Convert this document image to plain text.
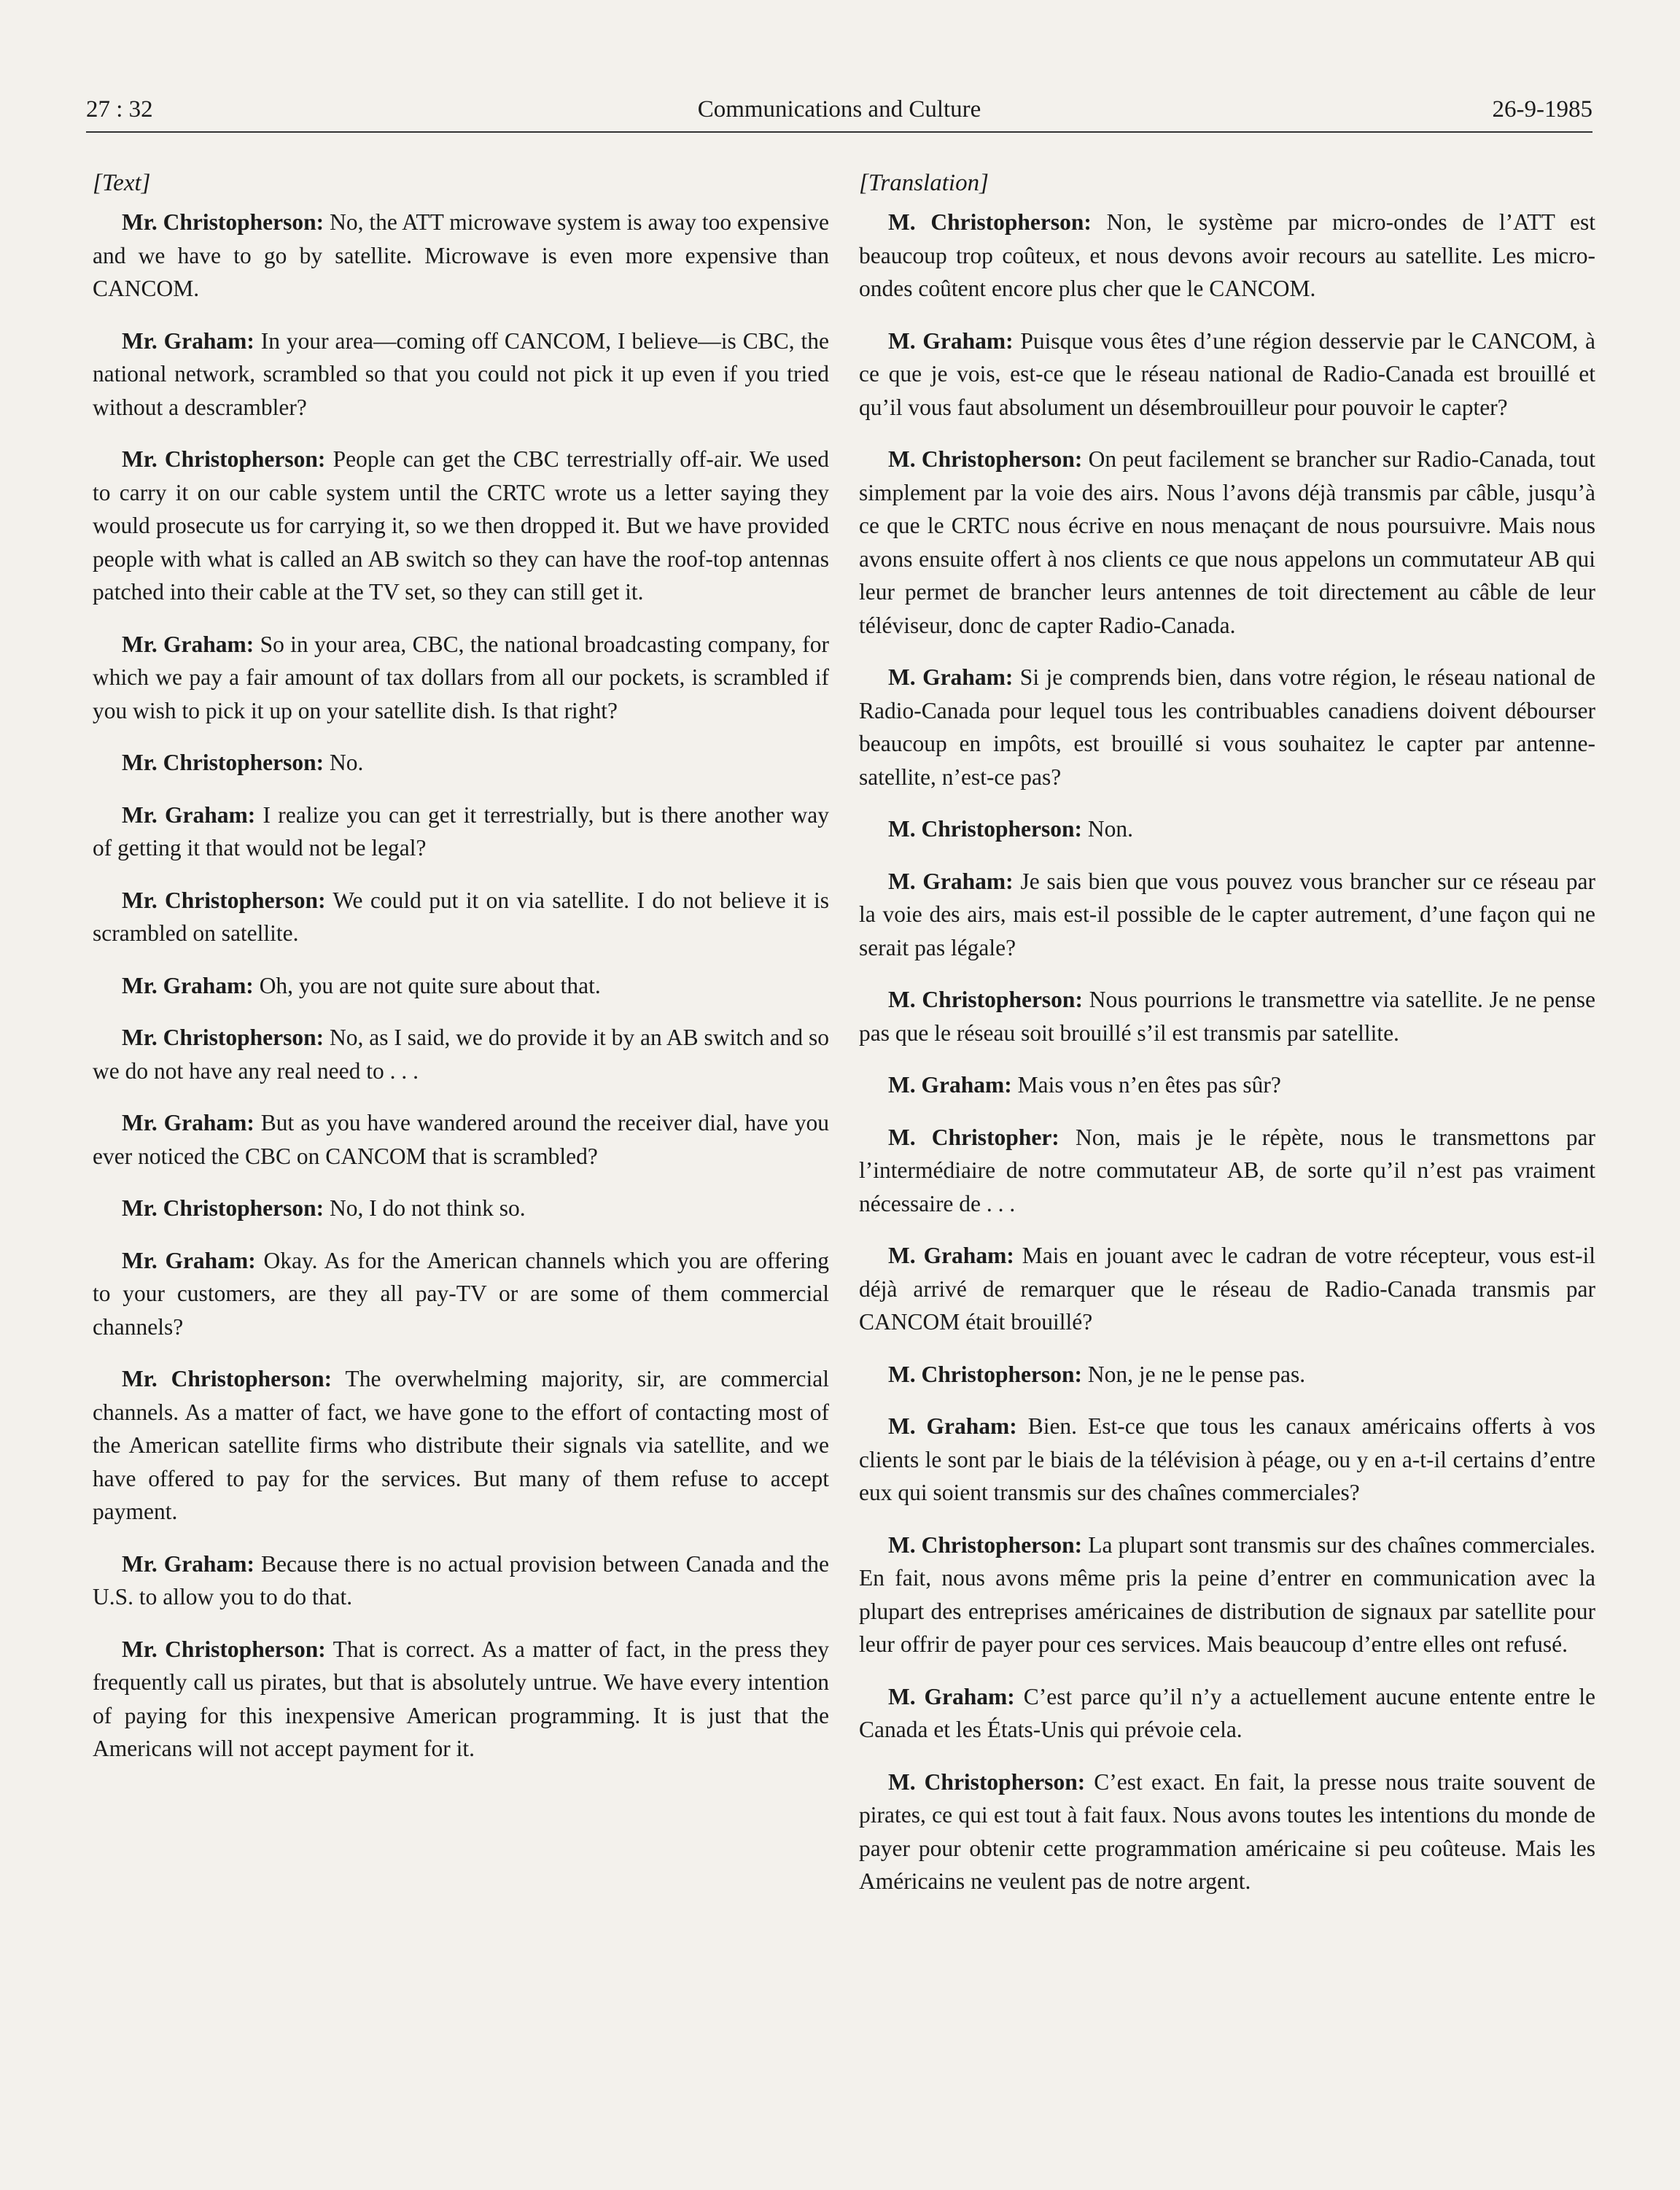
27 : 32	Communications and Culture	26-9-1985
[Text]

Mr. Christopherson: No, the ATT microwave system is away too expensive and we have to go by satellite. Microwave is even more expensive than CANCOM.

Mr. Graham: In your area—coming off CANCOM, I believe—is CBC, the national network, scrambled so that you could not pick it up even if you tried without a descrambler?

Mr. Christopherson: People can get the CBC terrestrially off-air. We used to carry it on our cable system until the CRTC wrote us a letter saying they would prosecute us for carrying it, so we then dropped it. But we have provided people with what is called an AB switch so they can have the roof-top antennas patched into their cable at the TV set, so they can still get it.

Mr. Graham: So in your area, CBC, the national broadcasting company, for which we pay a fair amount of tax dollars from all our pockets, is scrambled if you wish to pick it up on your satellite dish. Is that right?

Mr. Christopherson: No.

Mr. Graham: I realize you can get it terrestrially, but is there another way of getting it that would not be legal?

Mr. Christopherson: We could put it on via satellite. I do not believe it is scrambled on satellite.

Mr. Graham: Oh, you are not quite sure about that.

Mr. Christopherson: No, as I said, we do provide it by an AB switch and so we do not have any real need to . . .

Mr. Graham: But as you have wandered around the receiver dial, have you ever noticed the CBC on CANCOM that is scrambled?

Mr. Christopherson: No, I do not think so.

Mr. Graham: Okay. As for the American channels which you are offering to your customers, are they all pay-TV or are some of them commercial channels?

Mr. Christopherson: The overwhelming majority, sir, are commercial channels. As a matter of fact, we have gone to the effort of contacting most of the American satellite firms who distribute their signals via satellite, and we have offered to pay for the services. But many of them refuse to accept payment.

Mr. Graham: Because there is no actual provision between Canada and the U.S. to allow you to do that.

Mr. Christopherson: That is correct. As a matter of fact, in the press they frequently call us pirates, but that is absolutely untrue. We have every intention of paying for this inexpensive American programming. It is just that the Americans will not accept payment for it.

[Translation]

M. Christopherson: Non, le système par micro-ondes de l’ATT est beaucoup trop coûteux, et nous devons avoir recours au satellite. Les micro-ondes coûtent encore plus cher que le CANCOM.

M. Graham: Puisque vous êtes d’une région desservie par le CANCOM, à ce que je vois, est-ce que le réseau national de Radio-Canada est brouillé et qu’il vous faut absolument un désembrouilleur pour pouvoir le capter?

M. Christopherson: On peut facilement se brancher sur Radio-Canada, tout simplement par la voie des airs. Nous l’avons déjà transmis par câble, jusqu’à ce que le CRTC nous écrive en nous menaçant de nous poursuivre. Mais nous avons ensuite offert à nos clients ce que nous appelons un commutateur AB qui leur permet de brancher leurs antennes de toit directement au câble de leur téléviseur, donc de capter Radio-Canada.

M. Graham: Si je comprends bien, dans votre région, le réseau national de Radio-Canada pour lequel tous les contribuables canadiens doivent débourser beaucoup en impôts, est brouillé si vous souhaitez le capter par antenne-satellite, n’est-ce pas?

M. Christopherson: Non.

M. Graham: Je sais bien que vous pouvez vous brancher sur ce réseau par la voie des airs, mais est-il possible de le capter autrement, d’une façon qui ne serait pas légale?

M. Christopherson: Nous pourrions le transmettre via satellite. Je ne pense pas que le réseau soit brouillé s’il est transmis par satellite.

M. Graham: Mais vous n’en êtes pas sûr?

M. Christopher: Non, mais je le répète, nous le transmettons par l’intermédiaire de notre commutateur AB, de sorte qu’il n’est pas vraiment nécessaire de . . .

M. Graham: Mais en jouant avec le cadran de votre récepteur, vous est-il déjà arrivé de remarquer que le réseau de Radio-Canada transmis par CANCOM était brouillé?

M. Christopherson: Non, je ne le pense pas.

M. Graham: Bien. Est-ce que tous les canaux américains offerts à vos clients le sont par le biais de la télévision à péage, ou y en a-t-il certains d’entre eux qui soient transmis sur des chaînes commerciales?

M. Christopherson: La plupart sont transmis sur des chaînes commerciales. En fait, nous avons même pris la peine d’entrer en communication avec la plupart des entreprises américaines de distribution de signaux par satellite pour leur offrir de payer pour ces services. Mais beaucoup d’entre elles ont refusé.

M. Graham: C’est parce qu’il n’y a actuellement aucune entente entre le Canada et les États-Unis qui prévoie cela.

M. Christopherson: C’est exact. En fait, la presse nous traite souvent de pirates, ce qui est tout à fait faux. Nous avons toutes les intentions du monde de payer pour obtenir cette programmation américaine si peu coûteuse. Mais les Américains ne veulent pas de notre argent.
